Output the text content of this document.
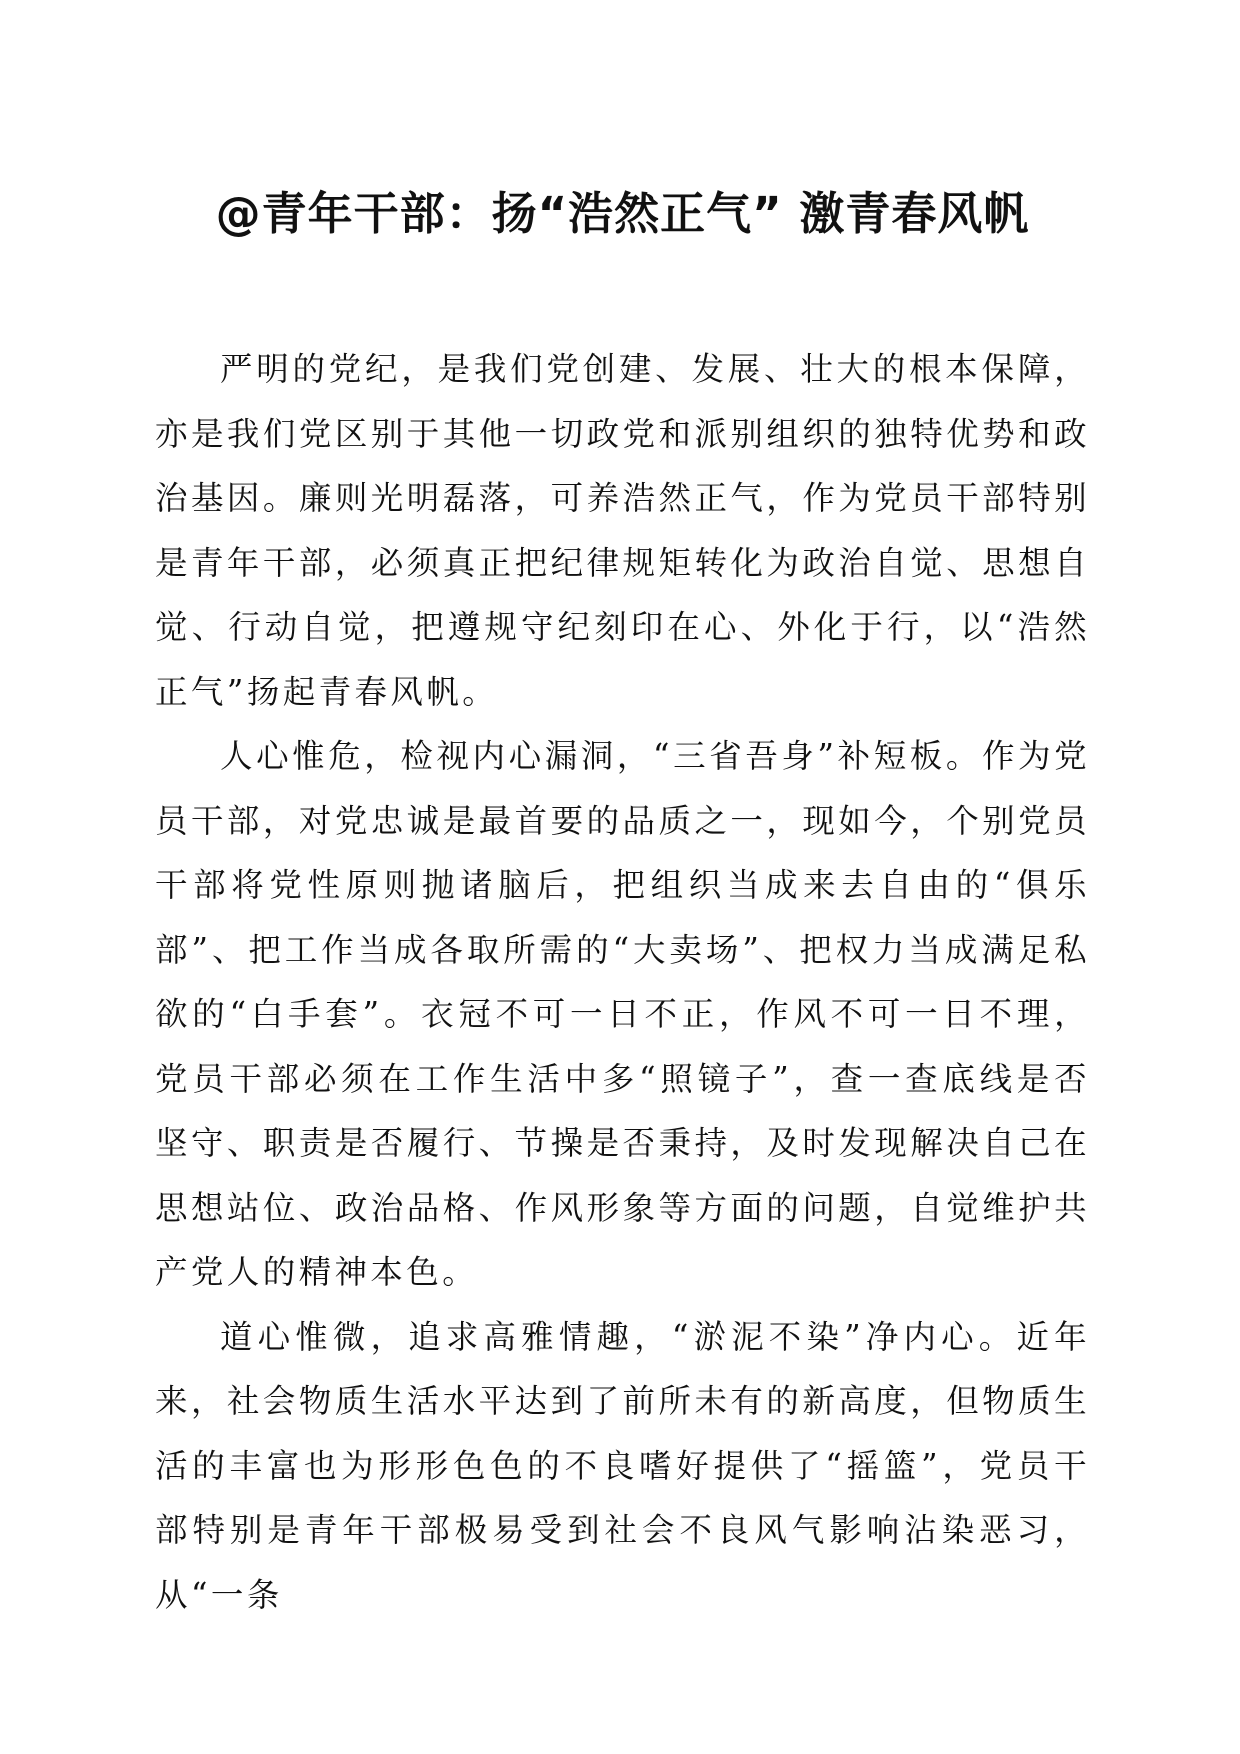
@青年干部：扬“浩然正气” 激青春风帆

严明的党纪，是我们党创建、发展、壮大的根本保障，亦是我们党区别于其他一切政党和派别组织的独特优势和政治基因。廉则光明磊落，可养浩然正气，作为党员干部特别是青年干部，必须真正把纪律规矩转化为政治自觉、思想自觉、行动自觉，把遵规守纪刻印在心、外化于行，以“浩然正气”扬起青春风帆。

人心惟危，检视内心漏洞，“三省吾身”补短板。作为党员干部，对党忠诚是最首要的品质之一，现如今，个别党员干部将党性原则抛诸脑后，把组织当成来去自由的“俱乐部”、把工作当成各取所需的“大卖场”、把权力当成满足私欲的“白手套”。衣冠不可一日不正，作风不可一日不理，党员干部必须在工作生活中多“照镜子”，查一查底线是否坚守、职责是否履行、节操是否秉持，及时发现解决自己在思想站位、政治品格、作风形象等方面的问题，自觉维护共产党人的精神本色。

道心惟微，追求高雅情趣，“淤泥不染”净内心。近年来，社会物质生活水平达到了前所未有的新高度，但物质生活的丰富也为形形色色的不良嗜好提供了“摇篮”，党员干部特别是青年干部极易受到社会不良风气影响沾染恶习，从“一条
